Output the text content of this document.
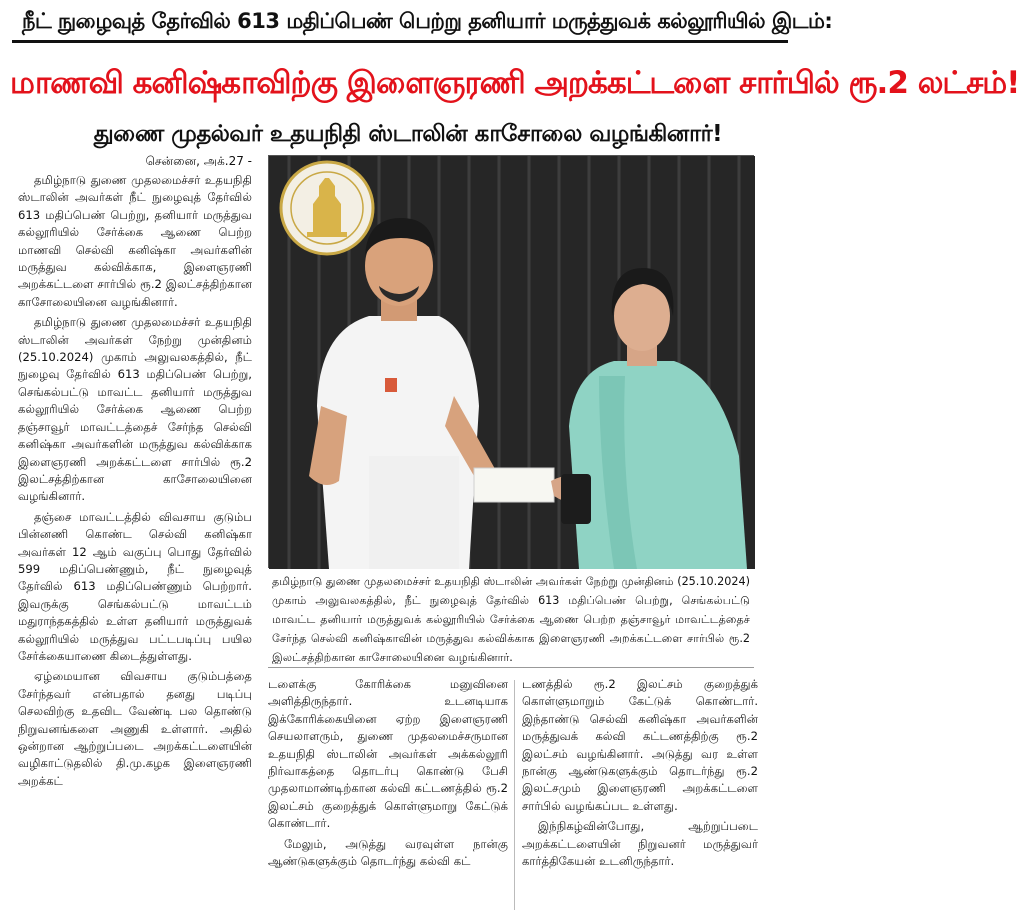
நீட் நுழைவுத் தேர்வில் 613 மதிப்பெண் பெற்று தனியார் மருத்துவக் கல்லூரியில் இடம்:
மாணவி கனிஷ்காவிற்கு இளைஞரணி அறக்கட்டளை சார்பில் ரூ.2 லட்சம்!
துணை முதல்வர் உதயநிதி ஸ்டாலின் காசோலை வழங்கினார்!
சென்னை, அக்.27 -

தமிழ்நாடு துணை முதலமைச்சர் உதயநிதி ஸ்டாலின் அவர்கள் நீட் நுழைவுத் தேர்வில் 613 மதிப்பெண் பெற்று, தனியார் மருத்துவ கல்லூரியில் சேர்க்கை ஆணை பெற்ற மாணவி செல்வி கனிஷ்கா அவர்களின் மருத்துவ கல்விக்காக, இளைஞரணி அறக்கட்டளை சார்பில் ரூ.2 இலட்சத்திற்கான காசோலையினை வழங்கினார்.

தமிழ்நாடு துணை முதலமைச்சர் உதயநிதி ஸ்டாலின் அவர்கள் நேற்று முன்தினம் (25.10.2024) முகாம் அலுவலகத்தில், நீட் நுழைவு தேர்வில் 613 மதிப்பெண் பெற்று, செங்கல்பட்டு மாவட்ட தனியார் மருத்துவ கல்லூரியில் சேர்க்கை ஆணை பெற்ற தஞ்சாவூர் மாவட்டத்தைச் சேர்ந்த செல்வி கனிஷ்கா அவர்களின் மருத்துவ கல்விக்காக இளைஞரணி அறக்கட்டளை சார்பில் ரூ.2 இலட்சத்திற்கான காசோலையினை வழங்கினார்.

தஞ்சை மாவட்டத்தில் விவசாய குடும்ப பின்னணி கொண்ட செல்வி கனிஷ்கா அவர்கள் 12 ஆம் வகுப்பு பொது தேர்வில் 599 மதிப்பெண்ணும், நீட் நுழைவுத் தேர்வில் 613 மதிப்பெண்ணும் பெற்றார். இவருக்கு செங்கல்பட்டு மாவட்டம் மதுராந்தகத்தில் உள்ள தனியார் மருத்துவக் கல்லூரியில் மருத்துவ பட்டபடிப்பு பயில சேர்க்கையாணை கிடைத்துள்ளது.

ஏழ்மையான விவசாய குடும்பத்தை சேர்ந்தவர் என்பதால் தனது படிப்பு செலவிற்கு உதவிட வேண்டி பல தொண்டு நிறுவனங்களை அணுகி உள்ளார். அதில் ஒன்றான ஆற்றுப்படை அறக்கட்டளையின் வழிகாட்டுதலில் தி.மு.கழக இளைஞரணி அறக்கட்

தமிழ்நாடு துணை முதலமைச்சர் உதயநிதி ஸ்டாலின் அவர்கள் நேற்று முன்தினம் (25.10.2024) முகாம் அலுவலகத்தில், நீட் நுழைவுத் தேர்வில் 613 மதிப்பெண் பெற்று, செங்கல்பட்டு மாவட்ட தனியார் மருத்துவக் கல்லூரியில் சேர்க்கை ஆணை பெற்ற தஞ்சாவூர் மாவட்டத்தைச் சேர்ந்த செல்வி கனிஷ்காவின் மருத்துவ கல்விக்காக இளைஞரணி அறக்கட்டளை சார்பில் ரூ.2 இலட்சத்திற்கான காசோலையினை வழங்கினார்.

டளைக்கு கோரிக்கை மனுவினை அளித்திருந்தார். உடனடியாக இக்கோரிக்கையினை ஏற்ற இளைஞரணி செயலாளரும், துணை முதலமைச்சருமான உதயநிதி ஸ்டாலின் அவர்கள் அக்கல்லூரி நிர்வாகத்தை தொடர்பு கொண்டு பேசி முதலாமாண்டிற்கான கல்வி கட்டணத்தில் ரூ.2 இலட்சம் குறைத்துக் கொள்ளுமாறு கேட்டுக் கொண்டார்.

மேலும், அடுத்து வரவுள்ள நான்கு ஆண்டுகளுக்கும் தொடர்ந்து கல்வி கட்

டணத்தில் ரூ.2 இலட்சம் குறைத்துக் கொள்ளுமாறும் கேட்டுக் கொண்டார். இந்தாண்டு செல்வி கனிஷ்கா அவர்களின் மருத்துவக் கல்வி கட்டணத்திற்கு ரூ.2 இலட்சம் வழங்கினார். அடுத்து வர உள்ள நான்கு ஆண்டுகளுக்கும் தொடர்ந்து ரூ.2 இலட்சமும் இளைஞரணி அறக்கட்டளை சார்பில் வழங்கப்பட உள்ளது.

இந்நிகழ்வின்போது, ஆற்றுப்படை அறக்கட்டளையின் நிறுவனர் மருத்துவர் கார்த்திகேயன் உடனிருந்தார்.
